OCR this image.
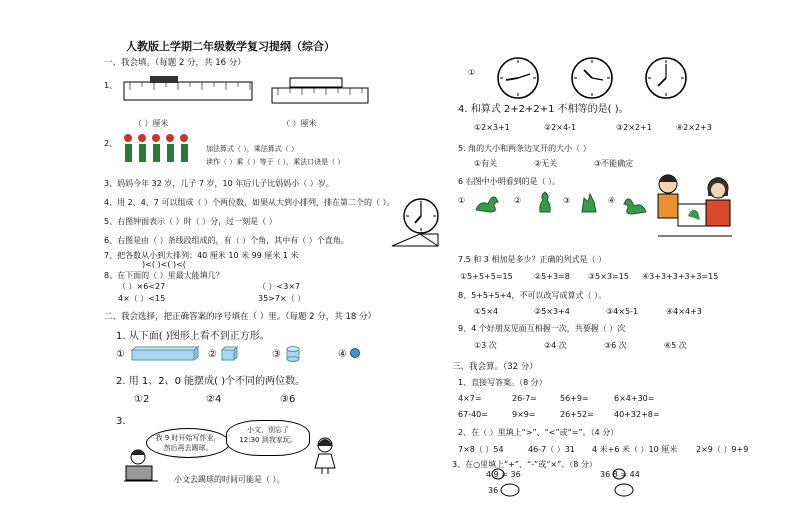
人教版上学期二年级数学复习提纲（综合）
一、我会填。（每题 2 分，共 16 分）
1、
（ ）厘米	（ ）厘米
2、
加法算式（ ），乘法算式（ ）
读作（ ）乘（ ）等于（ ），乘法口诀是（ ）
3、妈妈今年 32 岁，儿子 7 岁，10 年后儿子比妈妈小（ ）岁。
4、用 2、4、7 可以组成（ ）个两位数，如果从大到小排列，排在第二个的（ ）。
5、右图钟面表示（ ）时（ ）分，过一刻是（ ）
6、右图是由（ ）条线段组成的，有（ ）个角，其中有（ ）个直角。
7、把各数从小到大排列：40 厘米 10 米 99 厘米 1 米
)<( )<( )<(
8、在下面的（ ）里最大能填几？
（ ）×6<27	（ ）<3×7
4×（ ）<15	35>7×（ ）
二、我会选择，把正确答案的序号填在（ ）里。（每题 2 分，共 18 分）
1. 从下面( )图形上看不到正方形。
①	②	③	④
2. 用 1、2、0 能摆成( )个不同的两位数。
①2	②4	③6
3.
我 9 时开始写作业，然后再去踢球。
小文，别忘了 12:30 到我家玩。
小文去踢球的时间可能是（ ）。
①
4. 和算式 2+2+2+1 不相等的是( )。
①2×3+1	②2×4-1	③2×2+1	④2×2+3
5. 角的大小和两条边叉开的大小（ ）
①有关	②无关	③不能确定
6 右图中小明看到的是（ ）。
①	②	③	④
7.5 和 3 相加是多少？正确的列式是（ ）
①5+5+5=15	②5+3=8 ③5×3=15 ④3+3+3+3+3=15
8、5+5+5+4，不可以改写成算式（ ）。
①5×4	②5×3+4	③4×5-1	④4×4+3
9、4 个好朋友见面互相握一次，共要握（ ）次
①3 次	②4 次	③6 次	④5 次
三、我会算。（32 分）
1、直接写答案。（8 分）
4×7=	26-7=	56+9=	6×4+30=
67-40=	9×9=	26+52=	40+32+8=
2、在（ ）里填上“>”、“<”或“=”。（4 分）
7×8（ ）54	46-7（ ）31 4 米+6 米（ ）10 厘米 2×9（ ）9+9
3、在○里填上“+”、“-”或“×”。（8 分）
4 9 = 36	36 8 = 44
36
